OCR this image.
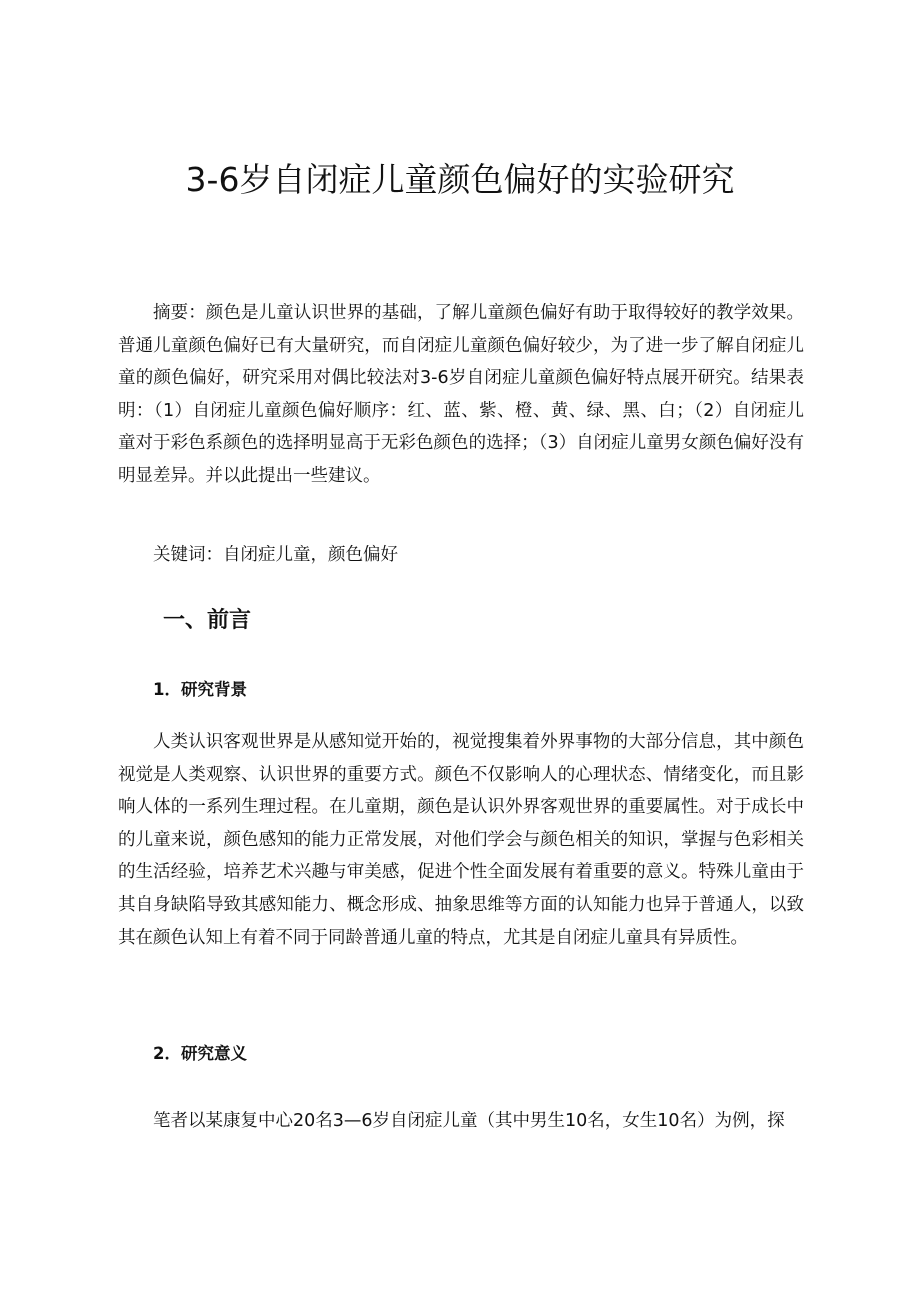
3-6岁自闭症儿童颜色偏好的实验研究

摘要：颜色是儿童认识世界的基础，了解儿童颜色偏好有助于取得较好的教学效果。普通儿童颜色偏好已有大量研究，而自闭症儿童颜色偏好较少，为了进一步了解自闭症儿童的颜色偏好，研究采用对偶比较法对3-6岁自闭症儿童颜色偏好特点展开研究。结果表明：（1）自闭症儿童颜色偏好顺序：红、蓝、紫、橙、黄、绿、黑、白；（2）自闭症儿童对于彩色系颜色的选择明显高于无彩色颜色的选择；（3）自闭症儿童男女颜色偏好没有明显差异。并以此提出一些建议。

关键词：自闭症儿童，颜色偏好

一、前言
1．研究背景

人类认识客观世界是从感知觉开始的，视觉搜集着外界事物的大部分信息，其中颜色视觉是人类观察、认识世界的重要方式。颜色不仅影响人的心理状态、情绪变化，而且影响人体的一系列生理过程。在儿童期，颜色是认识外界客观世界的重要属性。对于成长中的儿童来说，颜色感知的能力正常发展，对他们学会与颜色相关的知识，掌握与色彩相关的生活经验，培养艺术兴趣与审美感，促进个性全面发展有着重要的意义。特殊儿童由于其自身缺陷导致其感知能力、概念形成、抽象思维等方面的认知能力也异于普通人，以致其在颜色认知上有着不同于同龄普通儿童的特点，尤其是自闭症儿童具有异质性。

2．研究意义

笔者以某康复中心20名3—6岁自闭症儿童（其中男生10名，女生10名）为例，探
